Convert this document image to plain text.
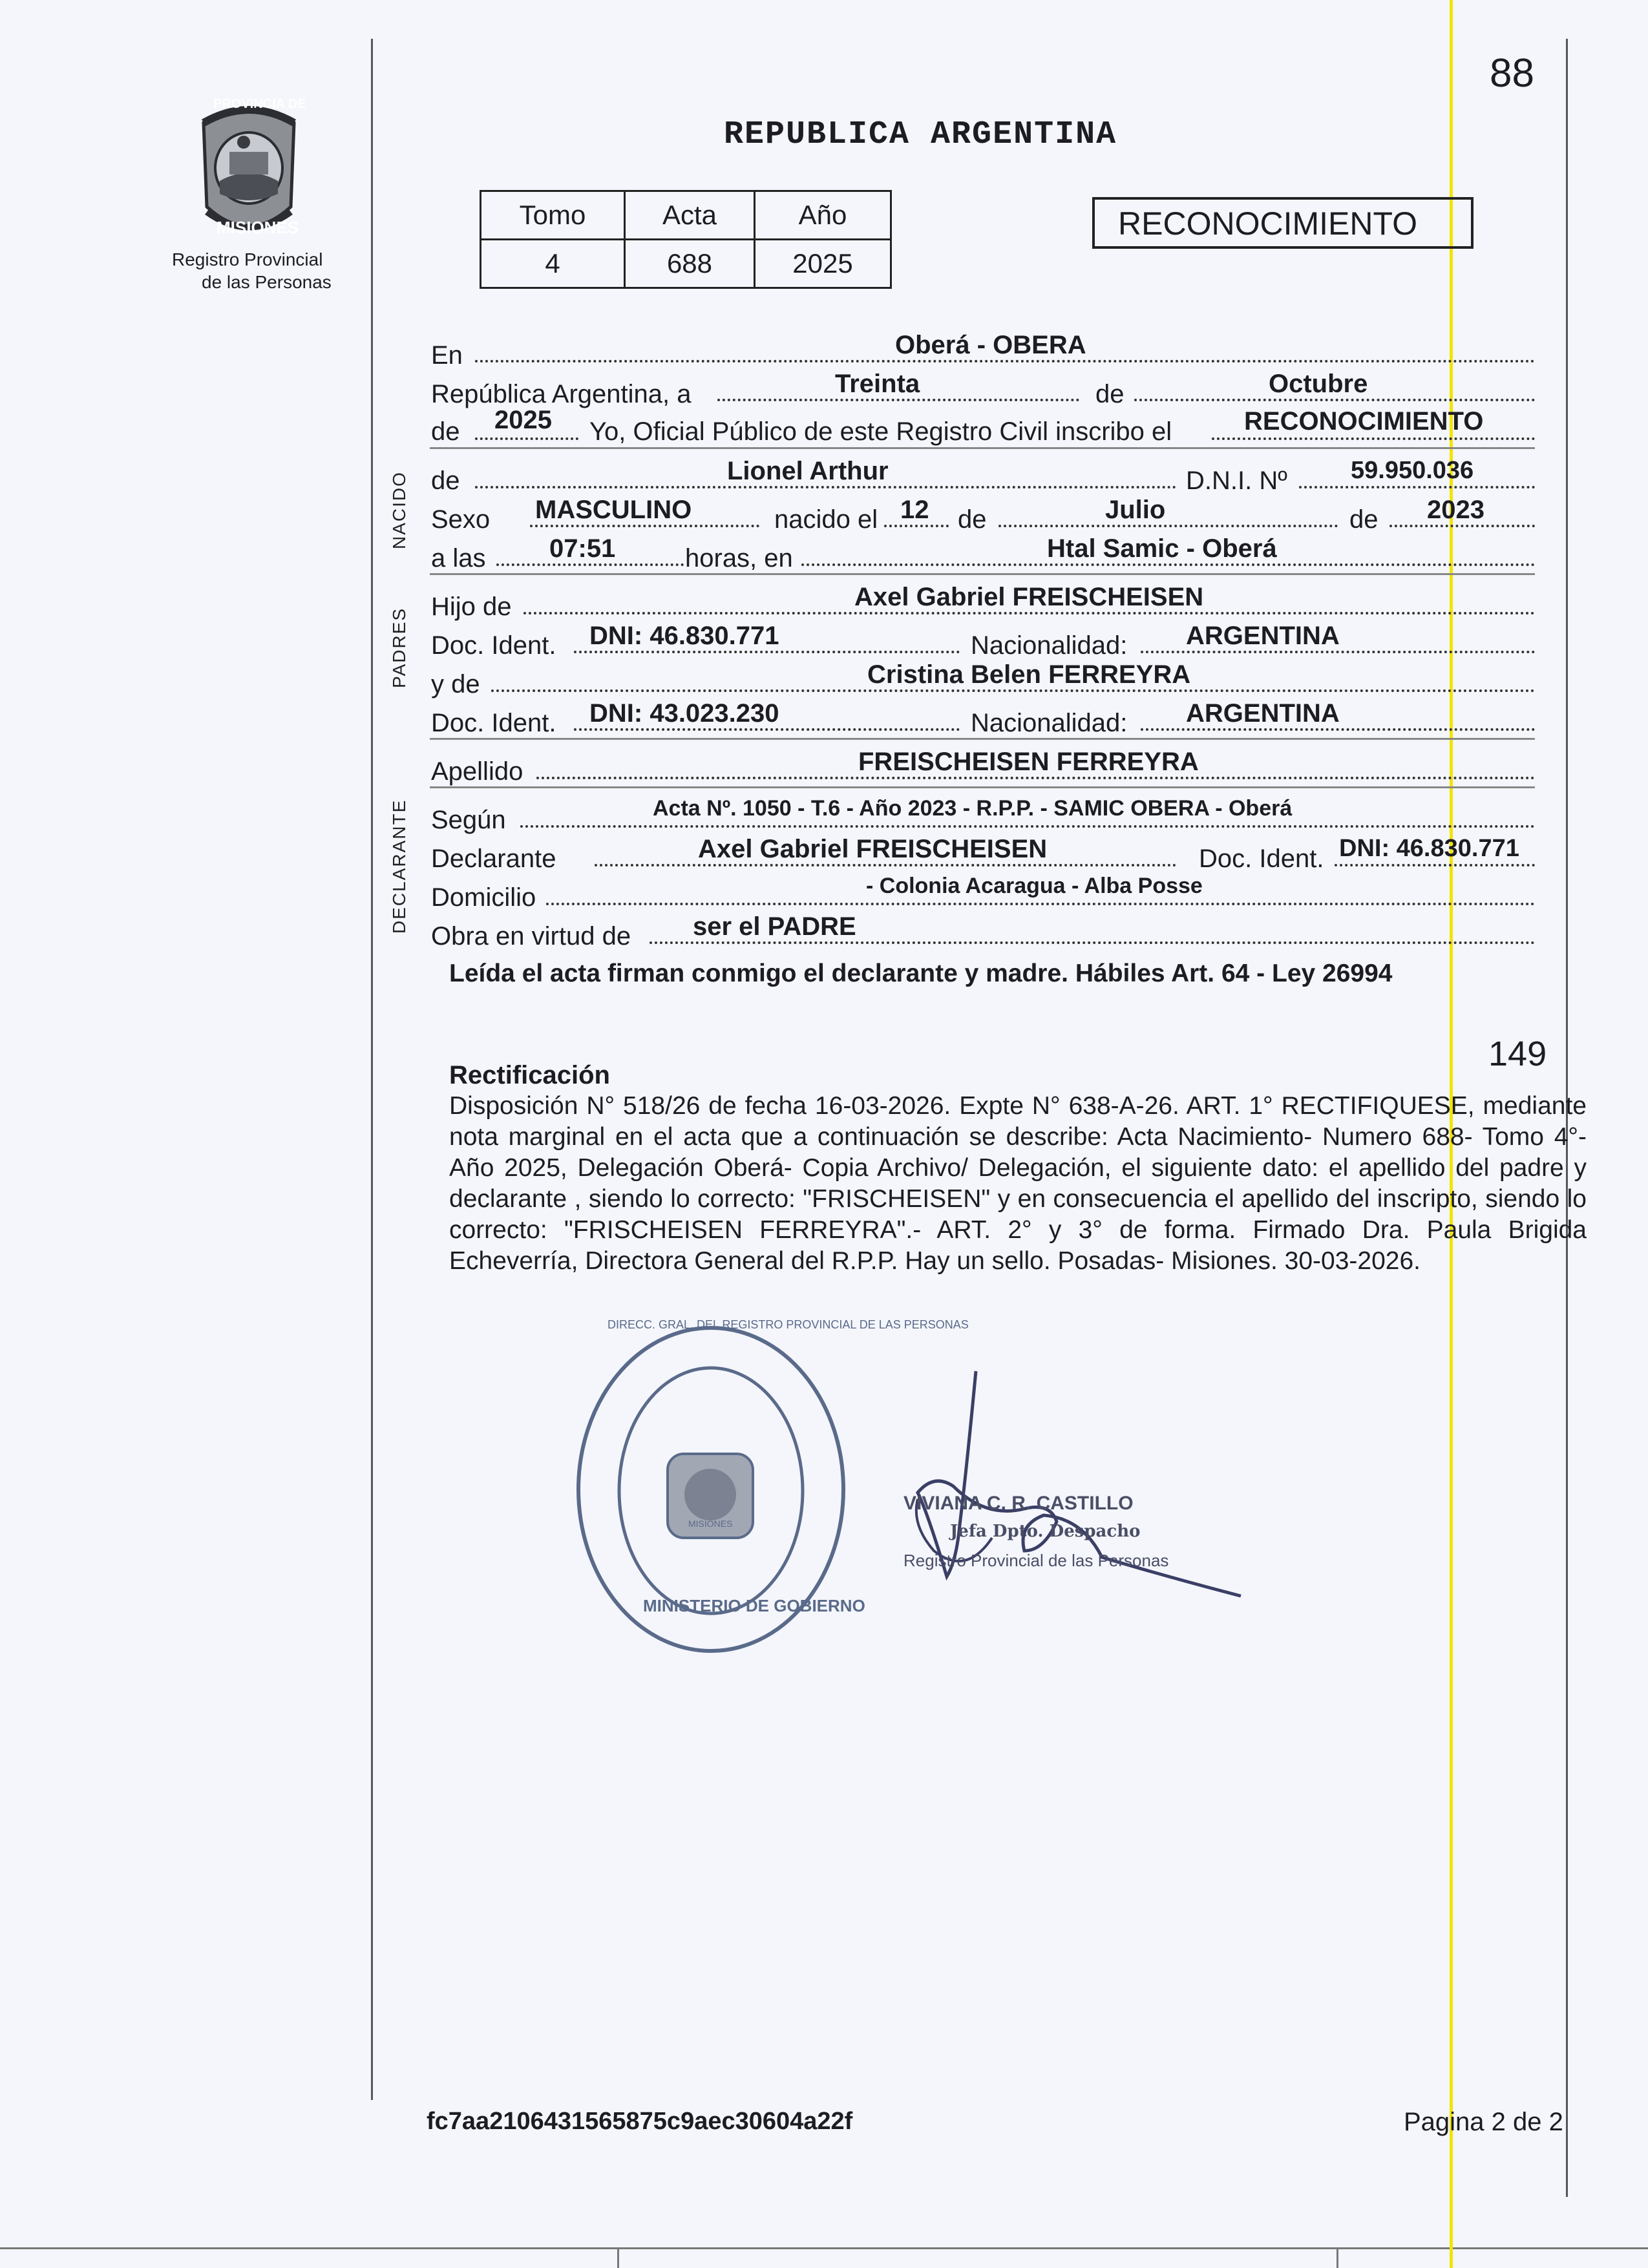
88
PROVINCIA DE
MISIONES
Registro Provincial
de las Personas
REPUBLICA ARGENTINA
RECONOCIMIENTO
Tomo	Acta	Año
4	688	2025
NACIDO
PADRES
DECLARANTE
En	Oberá - OBERA
República Argentina, a	Treinta	de	Octubre
de 2025 Yo, Oficial Público de este Registro Civil inscribo el	RECONOCIMIENTO
de	Lionel Arthur	D.N.I. Nº	59.950.036
Sexo MASCULINO	nacido el 12 de	Julio	de 2023
a las 07:51	horas, en	Htal Samic - Oberá
Hijo de	Axel Gabriel FREISCHEISEN
Doc. Ident. DNI: 46.830.771	Nacionalidad: ARGENTINA
y de	Cristina Belen FERREYRA
Doc. Ident. DNI: 43.023.230	Nacionalidad: ARGENTINA
Apellido	FREISCHEISEN FERREYRA
Según	Acta Nº. 1050 - T.6 - Año 2023 - R.P.P. - SAMIC OBERA - Oberá
Declarante	Axel Gabriel FREISCHEISEN	Doc. Ident. DNI: 46.830.771
Domicilio	- Colonia Acaragua - Alba Posse
Obra en virtud de ser el PADRE
Leída el acta firman conmigo el declarante y madre. Hábiles Art. 64 - Ley 26994
149
Rectificación
Disposición N° 518/26 de fecha 16-03-2026. Expte N° 638-A-26. ART. 1° RECTIFIQUESE, mediante nota marginal en el acta que a continuación se describe: Acta Nacimiento- Numero 688- Tomo 4°- Año 2025, Delegación Oberá- Copia Archivo/ Delegación, el siguiente dato: el apellido del padre y declarante , siendo lo correcto: "FRISCHEISEN" y en consecuencia el apellido del inscripto, siendo lo correcto: "FRISCHEISEN FERREYRA".- ART. 2° y 3° de forma. Firmado Dra. Paula Brigida Echeverría, Directora General del R.P.P. Hay un sello. Posadas- Misiones. 30-03-2026.
DIRECC. GRAL. DEL REGISTRO PROVINCIAL DE LAS PERSONAS
MINISTERIO DE GOBIERNO
MISIONES
VIVIANA C. R. CASTILLO
Jefa Dpto. Despacho
Registro Provincial de las Personas
fc7aa2106431565875c9aec30604a22f	Pagina 2 de 2
